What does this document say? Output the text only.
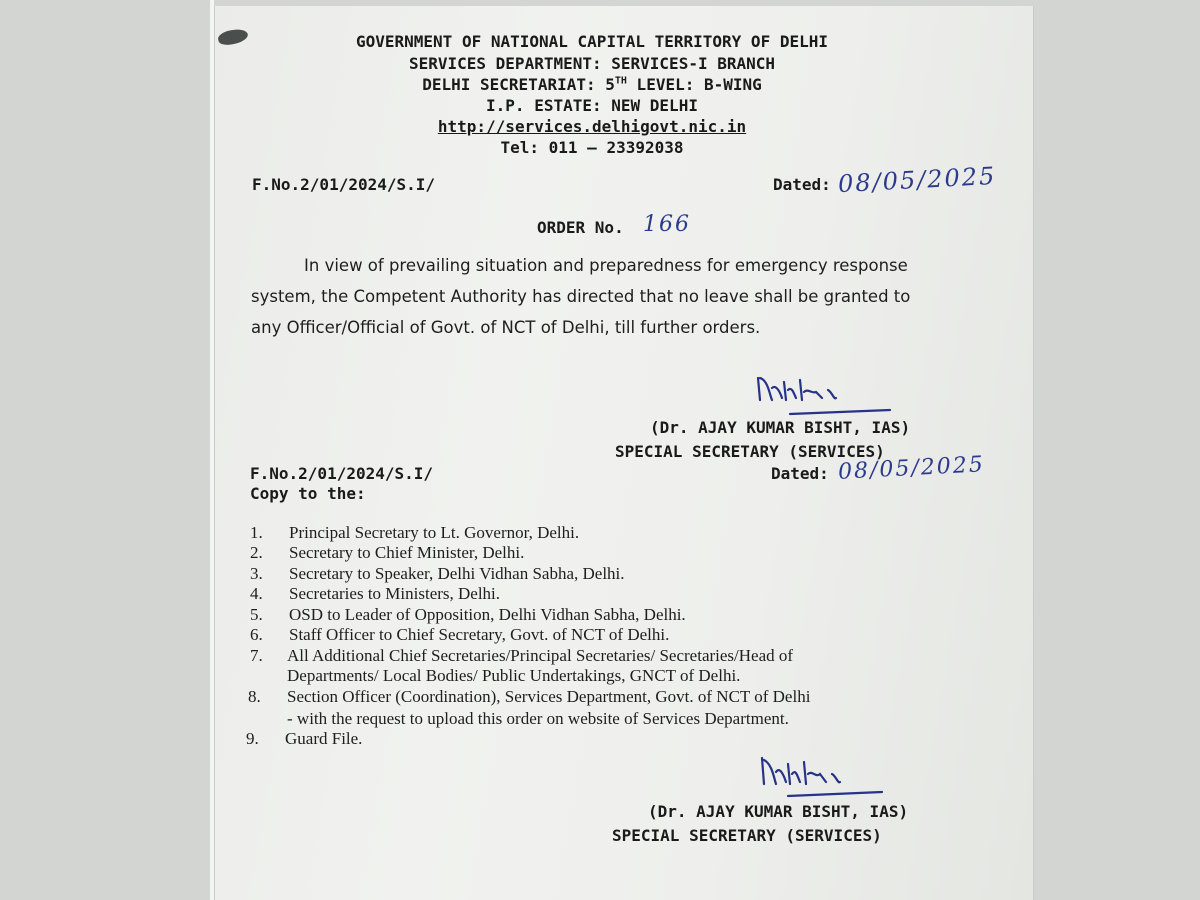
GOVERNMENT OF NATIONAL CAPITAL TERRITORY OF DELHI
SERVICES DEPARTMENT: SERVICES-I BRANCH
DELHI SECRETARIAT: 5TH LEVEL: B-WING
I.P. ESTATE: NEW DELHI
http://services.delhigovt.nic.in
Tel: 011 – 23392038
F.No.2/01/2024/S.I/	Dated: 08/05/2025
ORDER No. 166
In view of prevailing situation and preparedness for emergency response
system, the Competent Authority has directed that no leave shall be granted to
any Officer/Official of Govt. of NCT of Delhi, till further orders.
(Dr. AJAY KUMAR BISHT, IAS)
SPECIAL SECRETARY (SERVICES)
F.No.2/01/2024/S.I/
Copy to the:
Dated: 08/05/2025
1. Principal Secretary to Lt. Governor, Delhi.
2. Secretary to Chief Minister, Delhi.
3. Secretary to Speaker, Delhi Vidhan Sabha, Delhi.
4. Secretaries to Ministers, Delhi.
5. OSD to Leader of Opposition, Delhi Vidhan Sabha, Delhi.
6. Staff Officer to Chief Secretary, Govt. of NCT of Delhi.
7. All Additional Chief Secretaries/Principal Secretaries/ Secretaries/Head of
Departments/ Local Bodies/ Public Undertakings, GNCT of Delhi.
8. Section Officer (Coordination), Services Department, Govt. of NCT of Delhi
- with the request to upload this order on website of Services Department.
9. Guard File.
(Dr. AJAY KUMAR BISHT, IAS)
SPECIAL SECRETARY (SERVICES)
